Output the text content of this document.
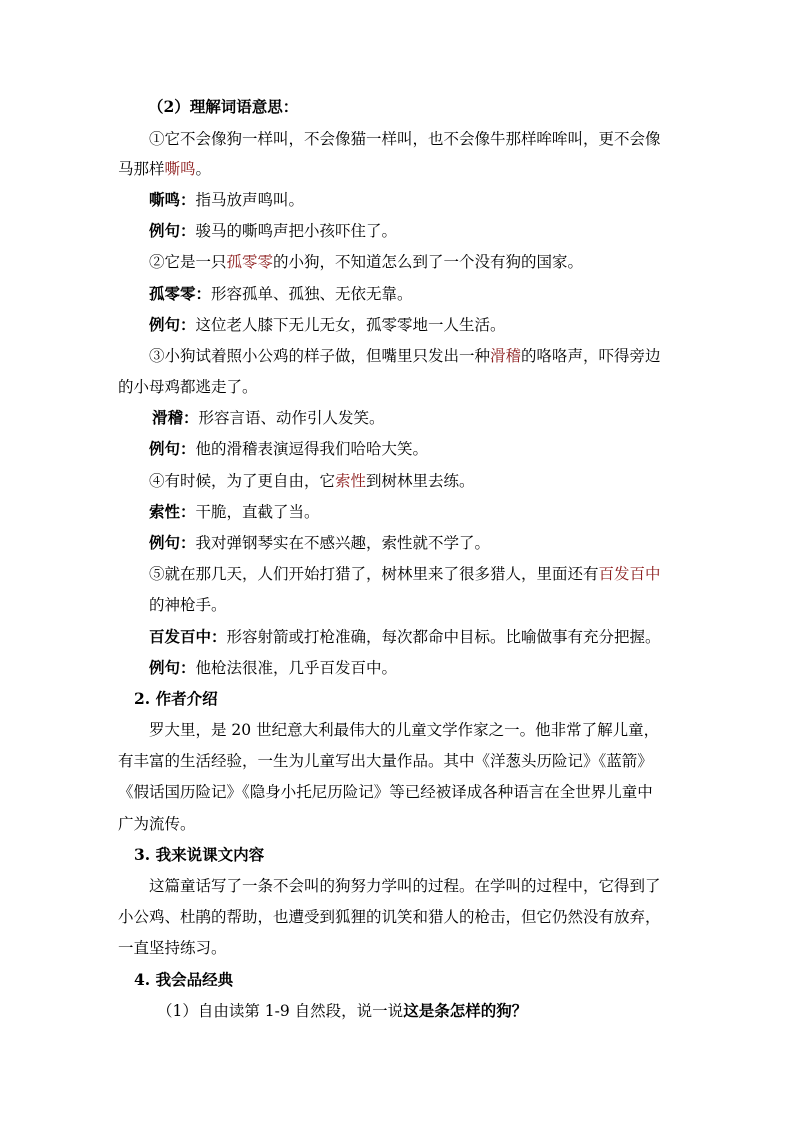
（2）理解词语意思：
①它不会像狗一样叫，不会像猫一样叫，也不会像牛那样哞哞叫，更不会像
马那样嘶鸣。
嘶鸣：指马放声鸣叫。
例句：骏马的嘶鸣声把小孩吓住了。
②它是一只孤零零的小狗，不知道怎么到了一个没有狗的国家。
孤零零：形容孤单、孤独、无依无靠。
例句：这位老人膝下无儿无女，孤零零地一人生活。
③小狗试着照小公鸡的样子做，但嘴里只发出一种滑稽的咯咯声，吓得旁边
的小母鸡都逃走了。
滑稽：形容言语、动作引人发笑。
例句：他的滑稽表演逗得我们哈哈大笑。
④有时候，为了更自由，它索性到树林里去练。
索性：干脆，直截了当。
例句：我对弹钢琴实在不感兴趣，索性就不学了。
⑤就在那几天，人们开始打猎了，树林里来了很多猎人，里面还有百发百中
的神枪手。
百发百中：形容射箭或打枪准确，每次都命中目标。比喻做事有充分把握。
例句：他枪法很准，几乎百发百中。
2. 作者介绍
罗大里，是 20 世纪意大利最伟大的儿童文学作家之一。他非常了解儿童，
有丰富的生活经验，一生为儿童写出大量作品。其中《洋葱头历险记》《蓝箭》
《假话国历险记》《隐身小托尼历险记》等已经被译成各种语言在全世界儿童中
广为流传。
3. 我来说课文内容
这篇童话写了一条不会叫的狗努力学叫的过程。在学叫的过程中，它得到了
小公鸡、杜鹃的帮助，也遭受到狐狸的讥笑和猎人的枪击，但它仍然没有放弃，
一直坚持练习。
4. 我会品经典
（1）自由读第 1-9 自然段，说一说这是条怎样的狗？
